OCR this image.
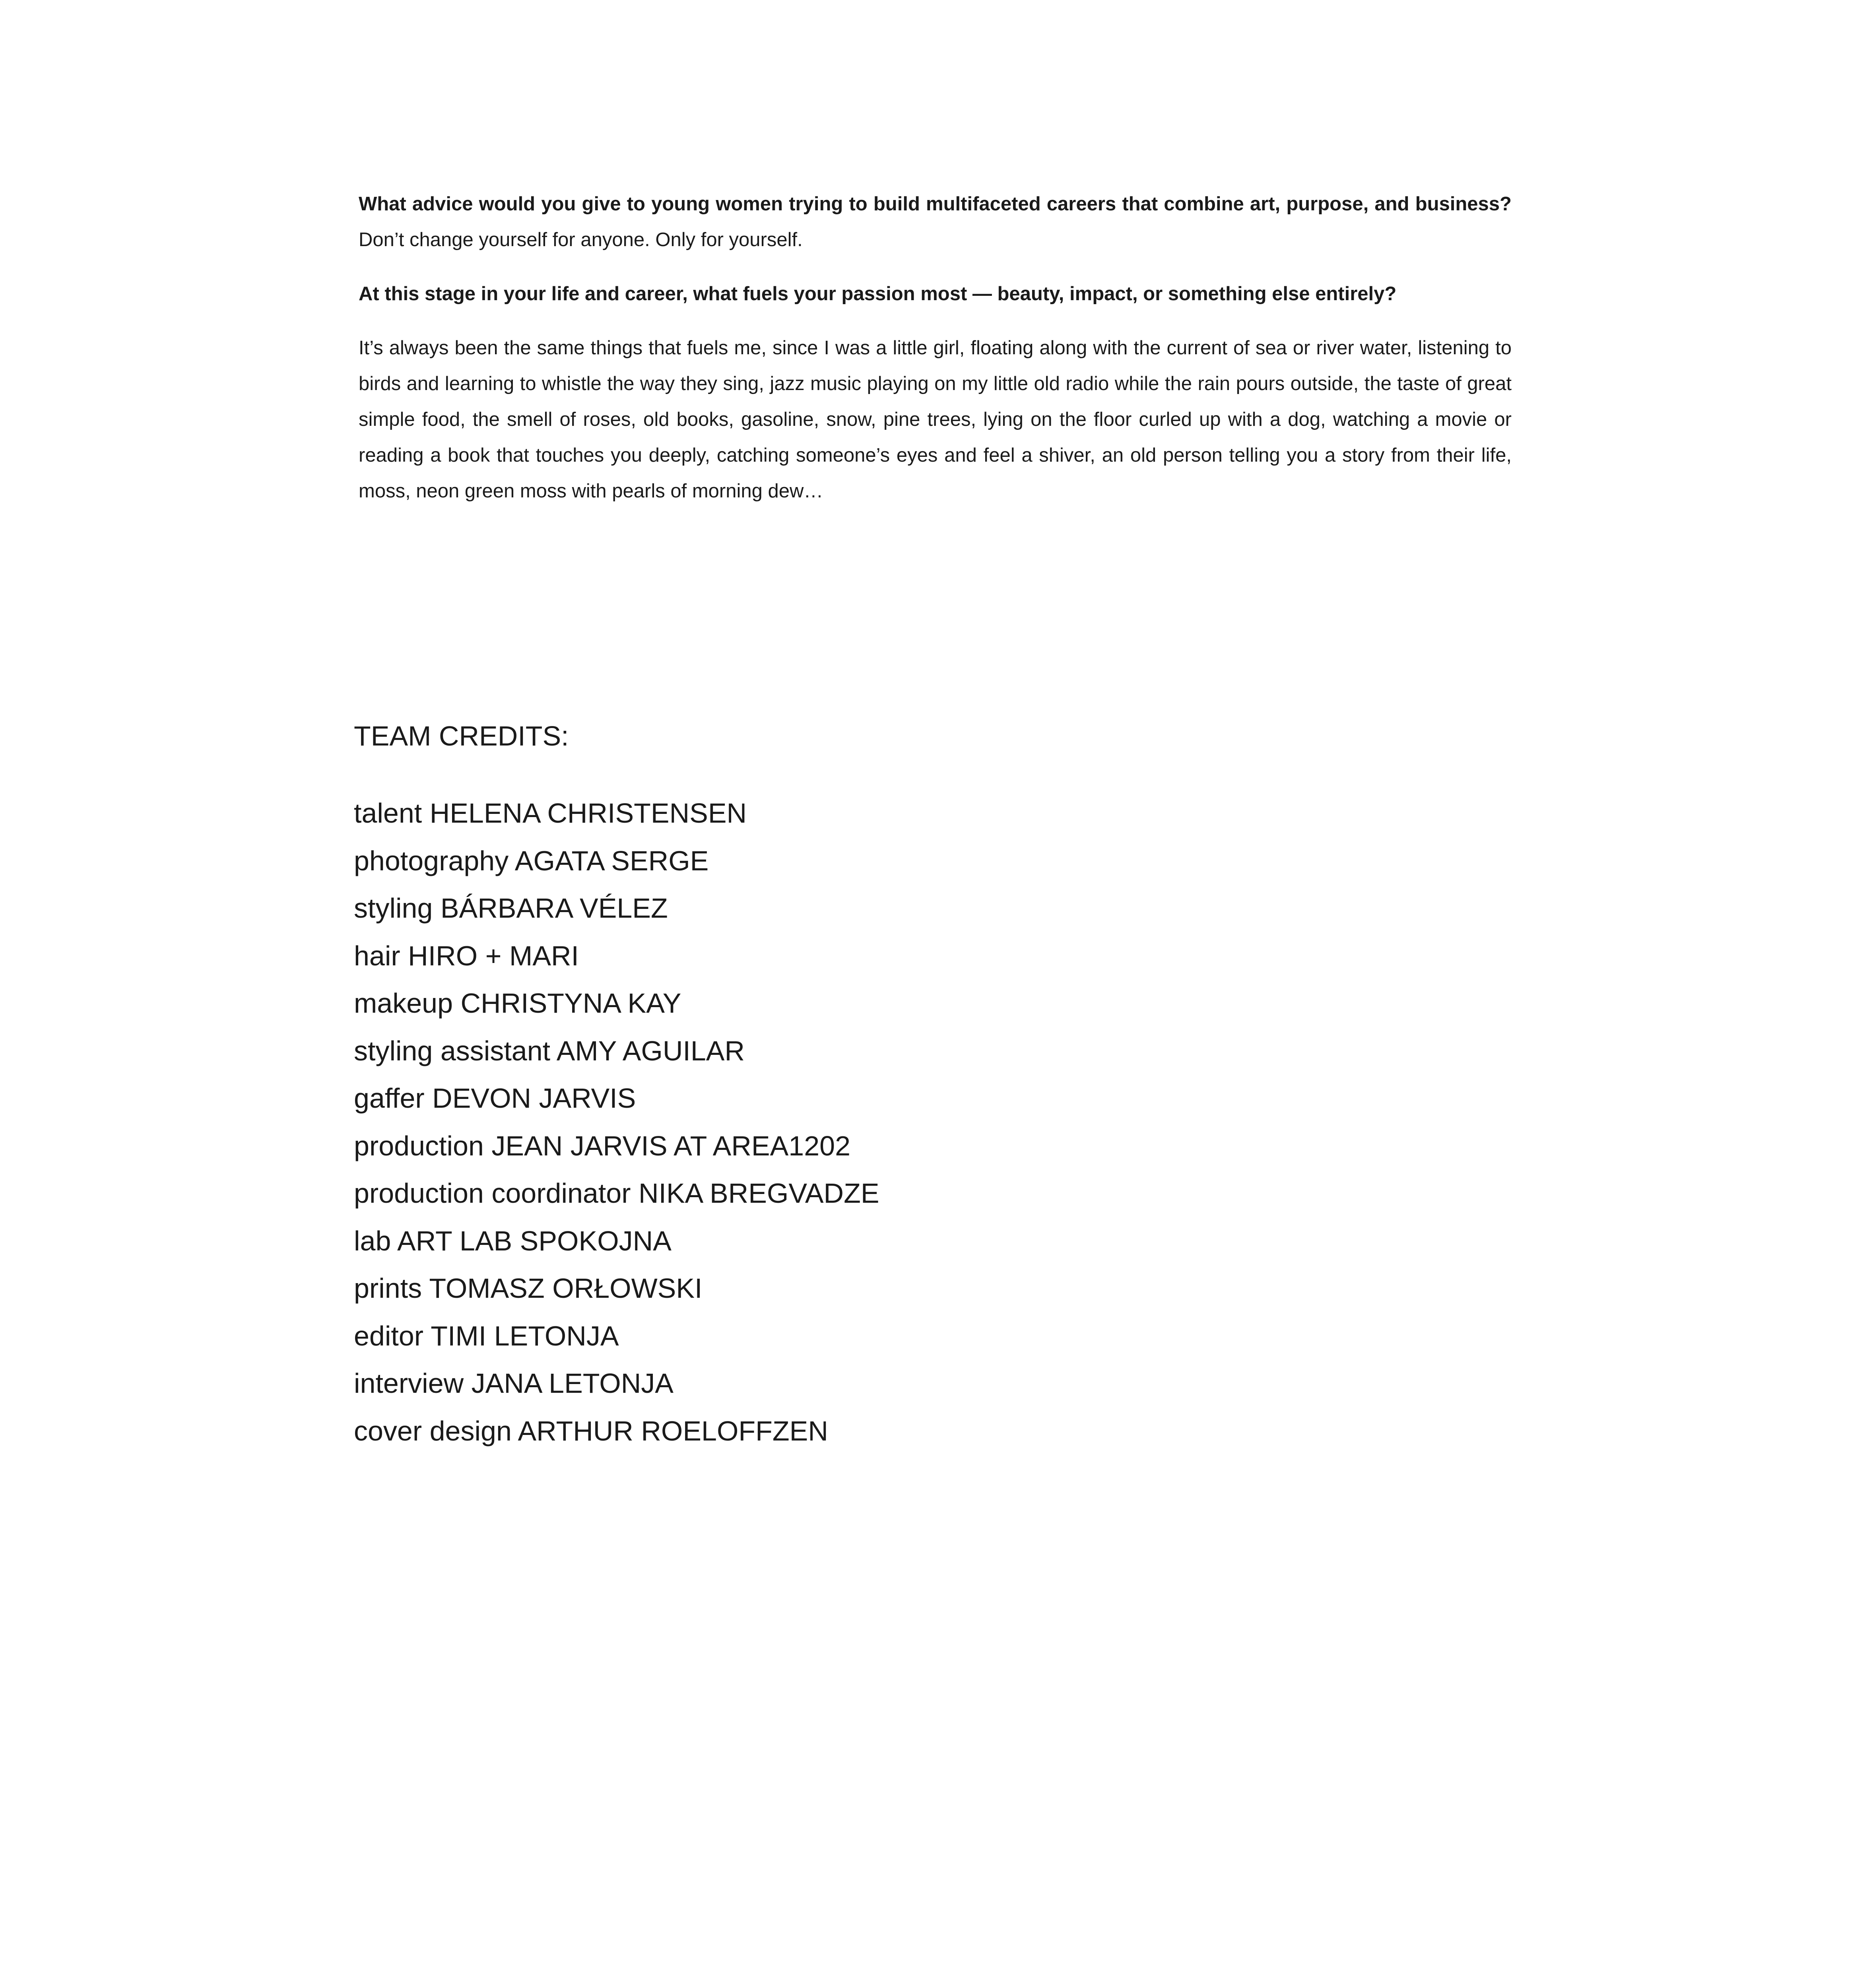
What advice would you give to young women trying to build multifaceted careers that combine art, purpose, and business?Don’t change yourself for anyone. Only for yourself.

At this stage in your life and career, what fuels your passion most — beauty, impact, or something else entirely?

It’s always been the same things that fuels me, since I was a little girl, floating along with the current of sea or river water, listening to birds and learning to whistle the way they sing, jazz music playing on my little old radio while the rain pours outside, the taste of great simple food, the smell of roses, old books, gasoline, snow, pine trees, lying on the floor curled up with a dog, watching a movie or reading a book that touches you deeply, catching someone’s eyes and feel a shiver, an old person telling you a story from their life, moss, neon green moss with pearls of morning dew…

TEAM CREDITS:
talent HELENA CHRISTENSEN
photography AGATA SERGE
styling BÁRBARA VÉLEZ
hair HIRO + MARI
makeup CHRISTYNA KAY
styling assistant AMY AGUILAR
gaffer DEVON JARVIS
production JEAN JARVIS AT AREA1202
production coordinator NIKA BREGVADZE
lab ART LAB SPOKOJNA
prints TOMASZ ORŁOWSKI
editor TIMI LETONJA
interview JANA LETONJA
cover design ARTHUR ROELOFFZEN
